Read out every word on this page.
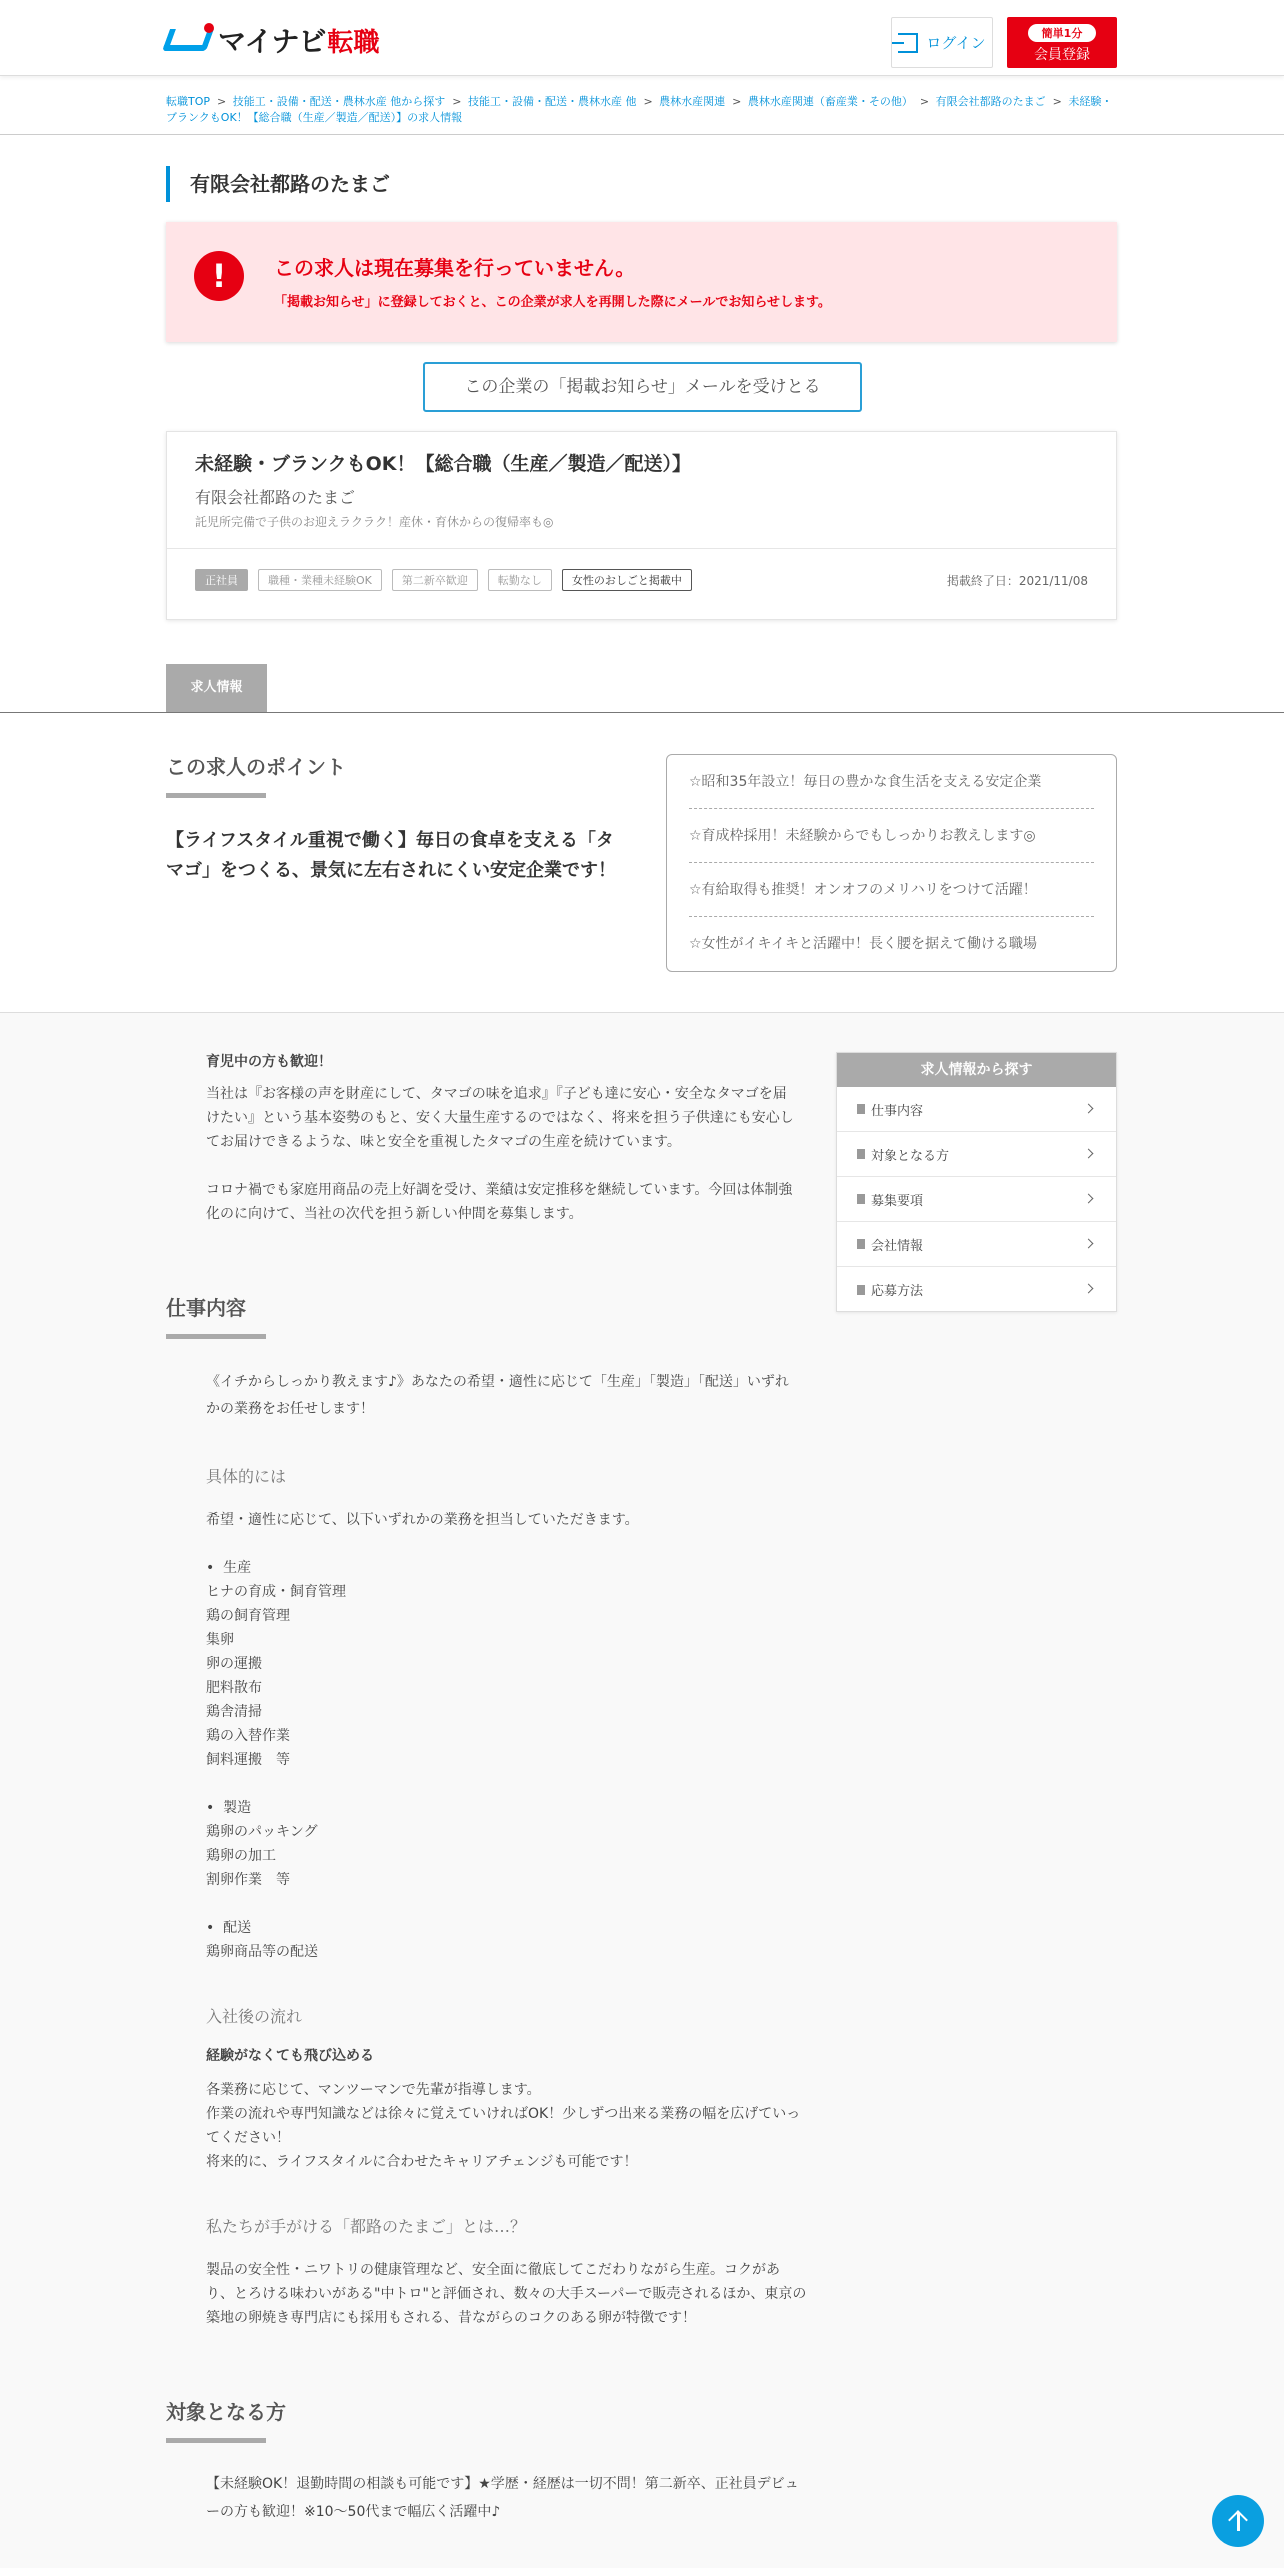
マイナビ 転職	ログイン
簡単1分
会員登録
転職TOP > 技能工・設備・配送・農林水産 他から探す > 技能工・設備・配送・農林水産 他 > 農林水産関連 > 農林水産関連（畜産業・その他） > 有限会社都路のたまご > 未経験・ブランクもOK！【総合職（生産／製造／配送）】の求人情報
有限会社都路のたまご
!	この求人は現在募集を行っていません。
「掲載お知らせ」に登録しておくと、この企業が求人を再開した際にメールでお知らせします。
この企業の「掲載お知らせ」メールを受けとる
未経験・ブランクもOK！【総合職（生産／製造／配送）】
有限会社都路のたまご
託児所完備で子供のお迎えラクラク！産休・育休からの復帰率も◎
正社員	職種・業種未経験OK	第二新卒歓迎	転勤なし	女性のおしごと掲載中	掲載終了日：2021/11/08
求人情報
この求人のポイント
【ライフスタイル重視で働く】毎日の食卓を支える「タマゴ」をつくる、景気に左右されにくい安定企業です！
☆昭和35年設立！毎日の豊かな食生活を支える安定企業
☆育成枠採用！未経験からでもしっかりお教えします◎
☆有給取得も推奨！オンオフのメリハリをつけて活躍！
☆女性がイキイキと活躍中！長く腰を据えて働ける職場
育児中の方も歓迎！
当社は『お客様の声を財産にして、タマゴの味を追求』『子ども達に安心・安全なタマゴを届
けたい』という基本姿勢のもと、安く大量生産するのではなく、将来を担う子供達にも安心し
てお届けできるような、味と安全を重視したタマゴの生産を続けています。
コロナ禍でも家庭用商品の売上好調を受け、業績は安定推移を継続しています。今回は体制強
化のに向けて、当社の次代を担う新しい仲間を募集します。
求人情報から探す
仕事内容
対象となる方
募集要項
会社情報
応募方法
仕事内容
《イチからしっかり教えます♪》あなたの希望・適性に応じて「生産」「製造」「配送」いずれ
かの業務をお任せします！
具体的には
希望・適性に応じて、以下いずれかの業務を担当していただきます。
•  生産
ヒナの育成・飼育管理
鶏の飼育管理
集卵
卵の運搬
肥料散布
鶏舎清掃
鶏の入替作業
飼料運搬　等
•  製造
鶏卵のパッキング
鶏卵の加工
割卵作業　等
•  配送
鶏卵商品等の配送
入社後の流れ
経験がなくても飛び込める
各業務に応じて、マンツーマンで先輩が指導します。
作業の流れや専門知識などは徐々に覚えていければOK！少しずつ出来る業務の幅を広げていっ
てください！
将来的に、ライフスタイルに合わせたキャリアチェンジも可能です！
私たちが手がける「都路のたまご」とは…？
製品の安全性・ニワトリの健康管理など、安全面に徹底してこだわりながら生産。コクがあ
り、とろける味わいがある"中トロ"と評価され、数々の大手スーパーで販売されるほか、東京の
築地の卵焼き専門店にも採用もされる、昔ながらのコクのある卵が特徴です！
対象となる方
【未経験OK！退勤時間の相談も可能です】★学歴・経歴は一切不問！第二新卒、正社員デビュ
ーの方も歓迎！※10～50代まで幅広く活躍中♪
